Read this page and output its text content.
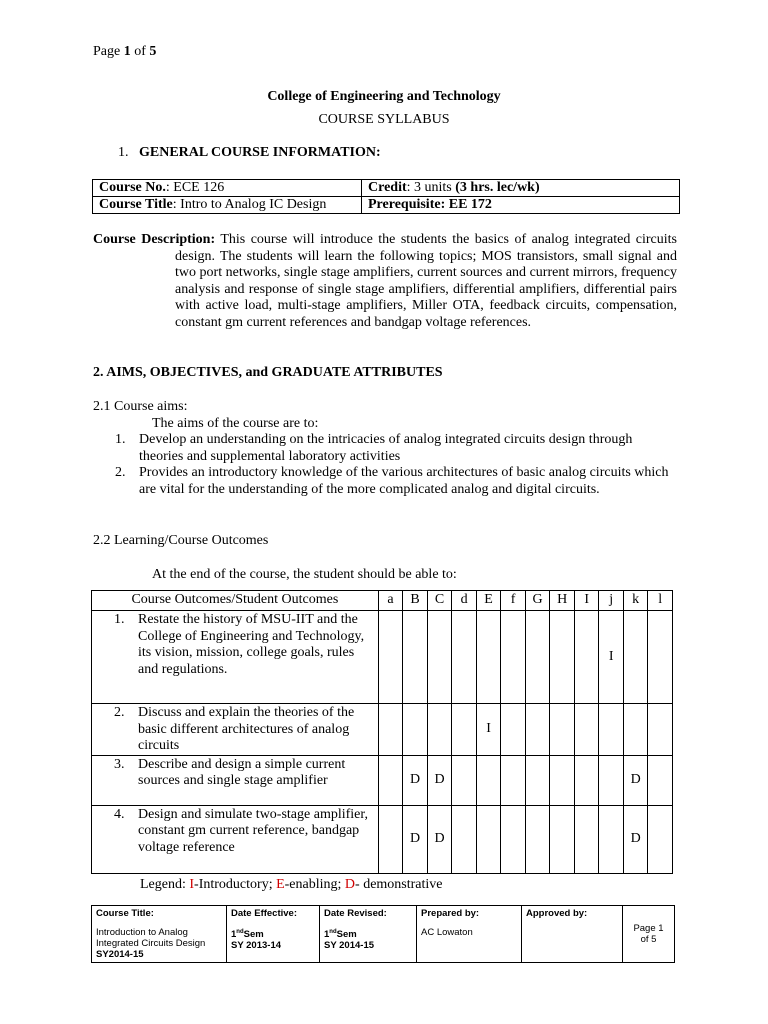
Page 1 of 5
College of Engineering and Technology
COURSE SYLLABUS
1. GENERAL COURSE INFORMATION:
Course No.: ECE 126	Credit: 3 units (3 hrs. lec/wk)

Course Title: Intro to Analog IC Design	Prerequisite: EE 172
Course Description: This course will introduce the students the basics of analog integrated circuits design. The students will learn the following topics; MOS transistors, small signal and two port networks, single stage amplifiers, current sources and current mirrors, frequency analysis and response of single stage amplifiers, differential amplifiers, differential pairs with active load, multi-stage amplifiers, Miller OTA, feedback circuits, compensation, constant gm current references and bandgap voltage references.
2. AIMS, OBJECTIVES, and GRADUATE ATTRIBUTES
2.1 Course aims:
The aims of the course are to:
1. Develop an understanding on the intricacies of analog integrated circuits design through theories and supplemental laboratory activities
2. Provides an introductory knowledge of the various architectures of basic analog circuits which are vital for the understanding of the more complicated analog and digital circuits.
2.2 Learning/Course Outcomes
At the end of the course, the student should be able to:
Course Outcomes/Student Outcomes	a	B	C	d	E	f	G	H	I	j	k	l

1. Restate the history of MSU-IIT and the College of Engineering and Technology, its vision, mission, college goals, rules and regulations.										I		

2. Discuss and explain the theories of the basic different architectures of analog circuits					I							

3. Describe and design a simple current sources and single stage amplifier		D	D								D	

4. Design and simulate two-stage amplifier, constant gm current reference, bandgap voltage reference		D	D								D	
Legend: I-Introductory; E-enabling; D- demonstrative
Course Title:
Introduction to Analog Integrated Circuits Design
SY2014-15	
Date Effective:
1ndSem
SY 2013-14	
Date Revised:
1ndSem
SY 2014-15	
Prepared by:
AC Lowaton	
Approved by:
	Page 1
of 5
